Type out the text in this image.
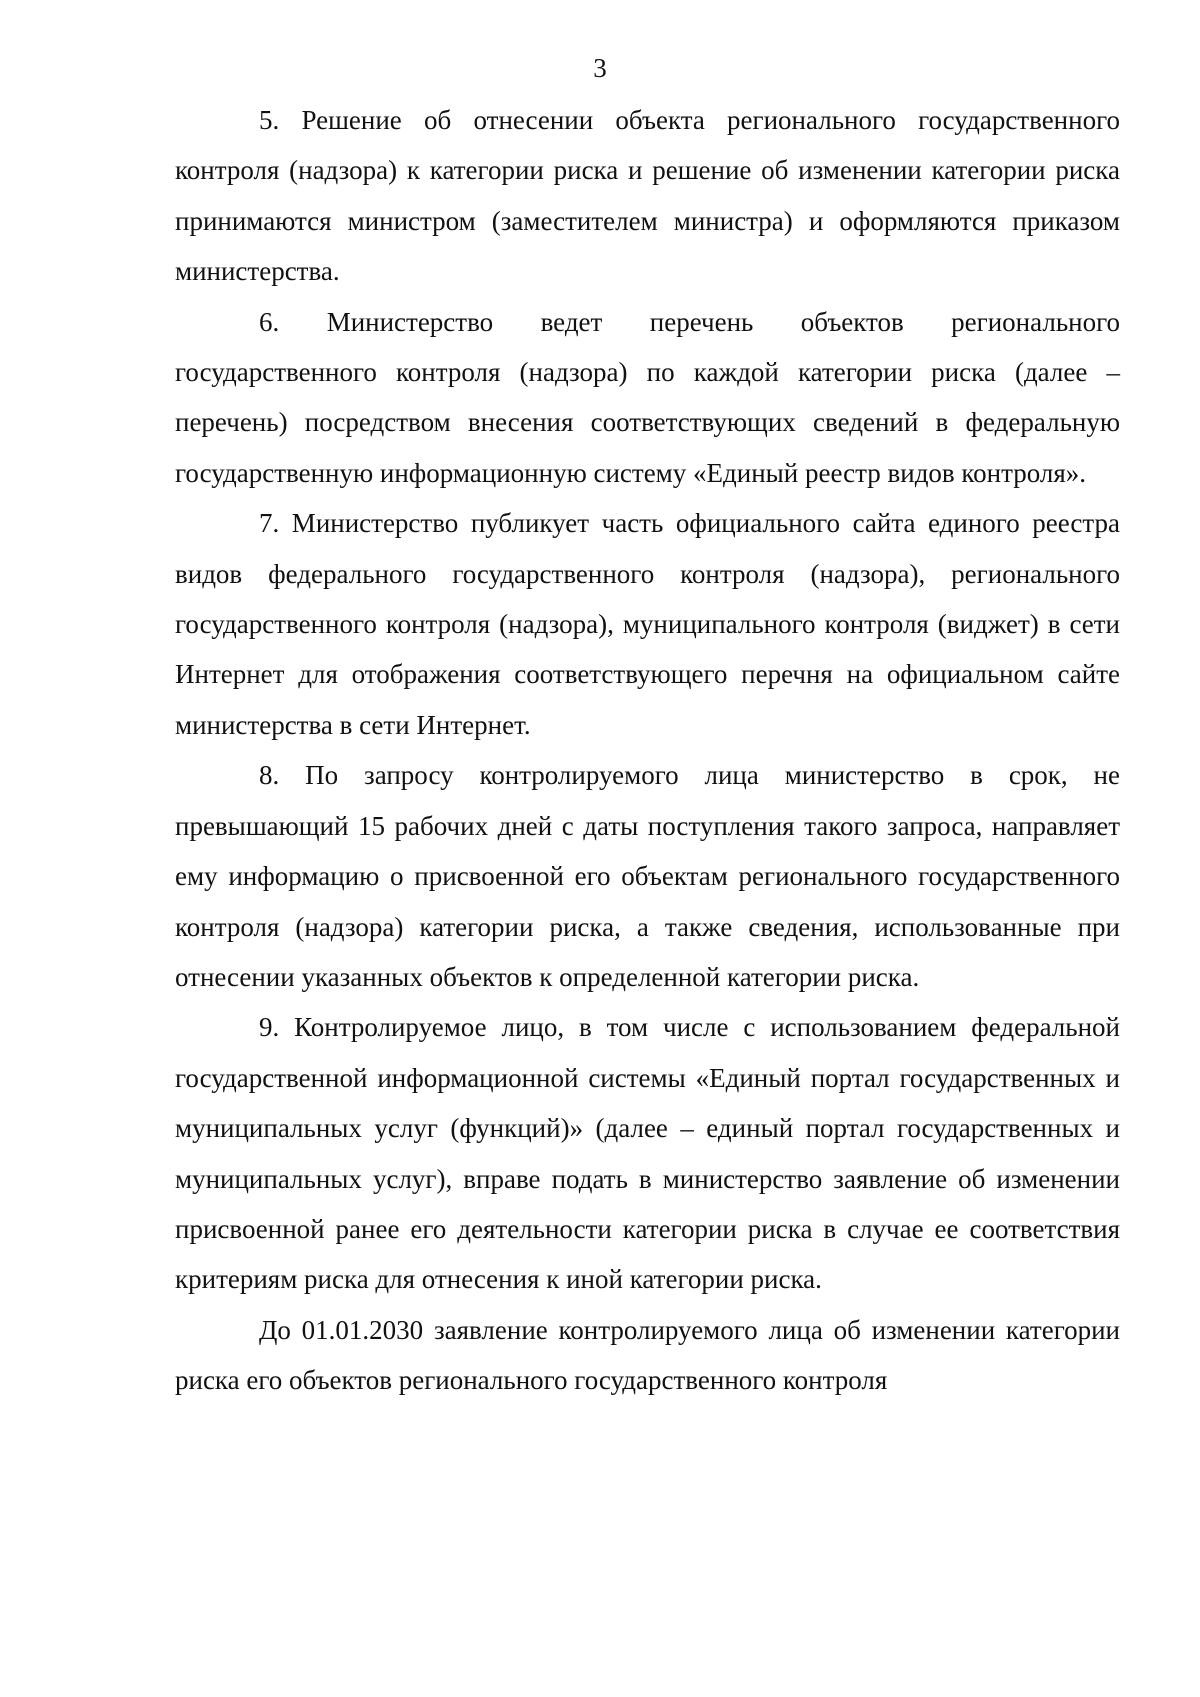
3

5. Решение об отнесении объекта регионального государственного контроля (надзора) к категории риска и решение об изменении категории риска принимаются министром (заместителем министра) и оформляются приказом министерства.

6. Министерство ведет перечень объектов регионального государственного контроля (надзора) по каждой категории риска (далее – перечень) посредством внесения соответствующих сведений в федеральную государственную информационную систему «Единый реестр видов контроля».

7. Министерство публикует часть официального сайта единого реестра видов федерального государственного контроля (надзора), регионального государственного контроля (надзора), муниципального контроля (виджет) в сети Интернет для отображения соответствующего перечня на официальном сайте министерства в сети Интернет.

8. По запросу контролируемого лица министерство в срок, не превышающий 15 рабочих дней с даты поступления такого запроса, направляет ему информацию о присвоенной его объектам регионального государственного контроля (надзора) категории риска, а также сведения, использованные при отнесении указанных объектов к определенной категории риска.

9. Контролируемое лицо, в том числе с использованием федеральной государственной информационной системы «Единый портал государственных и муниципальных услуг (функций)» (далее – единый портал государственных и муниципальных услуг), вправе подать в министерство заявление об изменении присвоенной ранее его деятельности категории риска в случае ее соответствия критериям риска для отнесения к иной категории риска.

До 01.01.2030 заявление контролируемого лица об изменении категории риска его объектов регионального государственного контроля
